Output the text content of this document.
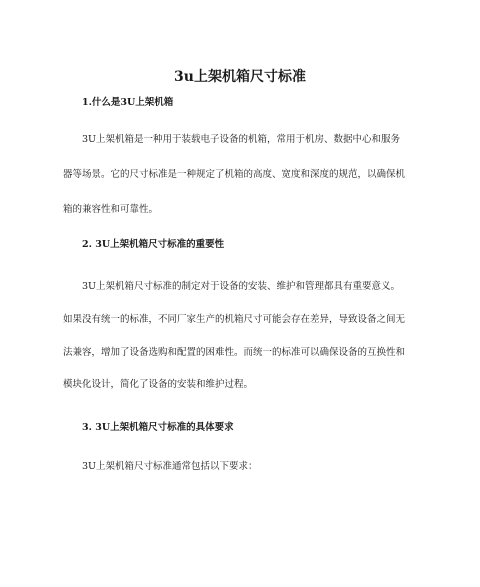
3u上架机箱尺寸标准
1.什么是3U上架机箱
3U上架机箱是一种用于装载电子设备的机箱，常用于机房、数据中心和服务
器等场景。它的尺寸标准是一种规定了机箱的高度、宽度和深度的规范，以确保机
箱的兼容性和可靠性。
2. 3U上架机箱尺寸标准的重要性
3U上架机箱尺寸标准的制定对于设备的安装、维护和管理都具有重要意义。
如果没有统一的标准，不同厂家生产的机箱尺寸可能会存在差异，导致设备之间无
法兼容，增加了设备选购和配置的困难性。而统一的标准可以确保设备的互换性和
模块化设计，简化了设备的安装和维护过程。
3. 3U上架机箱尺寸标准的具体要求
3U上架机箱尺寸标准通常包括以下要求：
